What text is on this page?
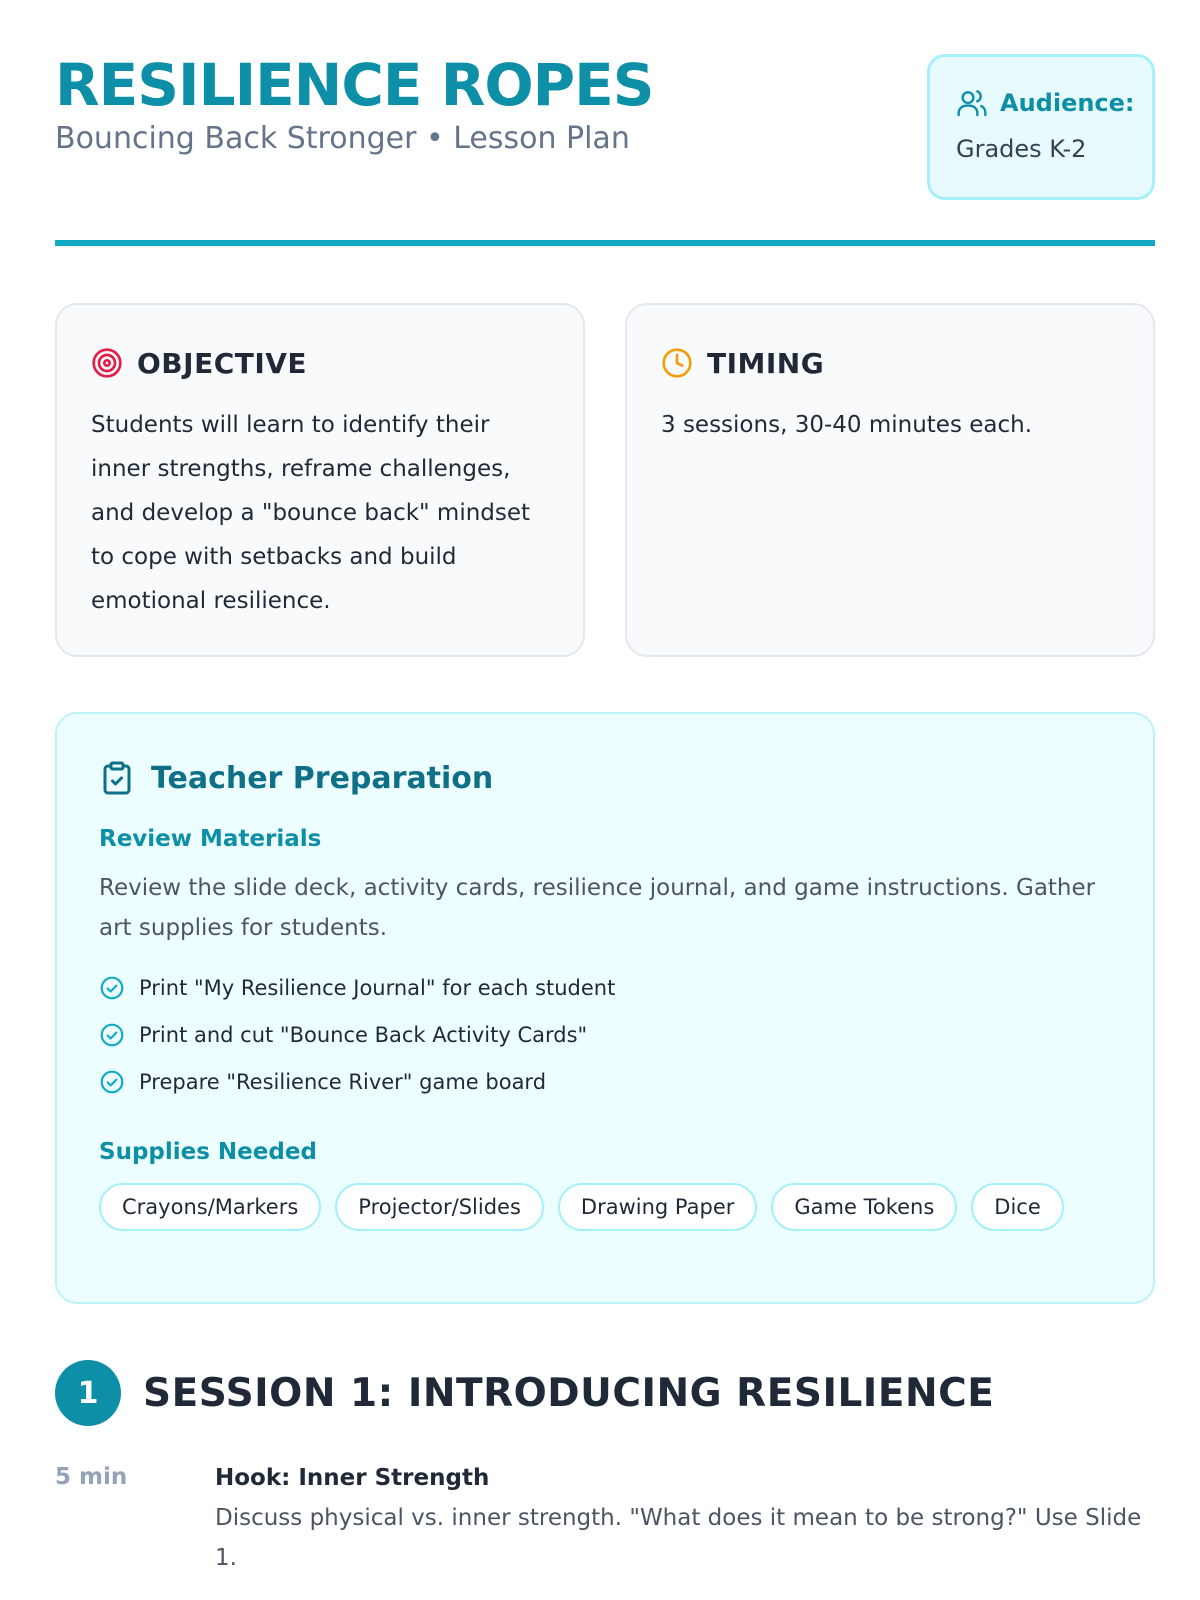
RESILIENCE ROPES
Bouncing Back Stronger • Lesson Plan
Audience:
Grades K-2
OBJECTIVE

Students will learn to identify their inner strengths, reframe challenges, and develop a "bounce back" mindset to cope with setbacks and build emotional resilience.

TIMING

3 sessions, 30-40 minutes each.

Teacher Preparation
Review Materials

Review the slide deck, activity cards, resilience journal, and game instructions. Gather art supplies for students.

Print "My Resilience Journal" for each student
Print and cut "Bounce Back Activity Cards"
Prepare "Resilience River" game board
Supplies Needed
Crayons/Markers	Projector/Slides	Drawing Paper	Game Tokens	Dice
1	SESSION 1: INTRODUCING RESILIENCE
5 min	Hook: Inner Strength
Discuss physical vs. inner strength. "What does it mean to be strong?" Use Slide 1.
